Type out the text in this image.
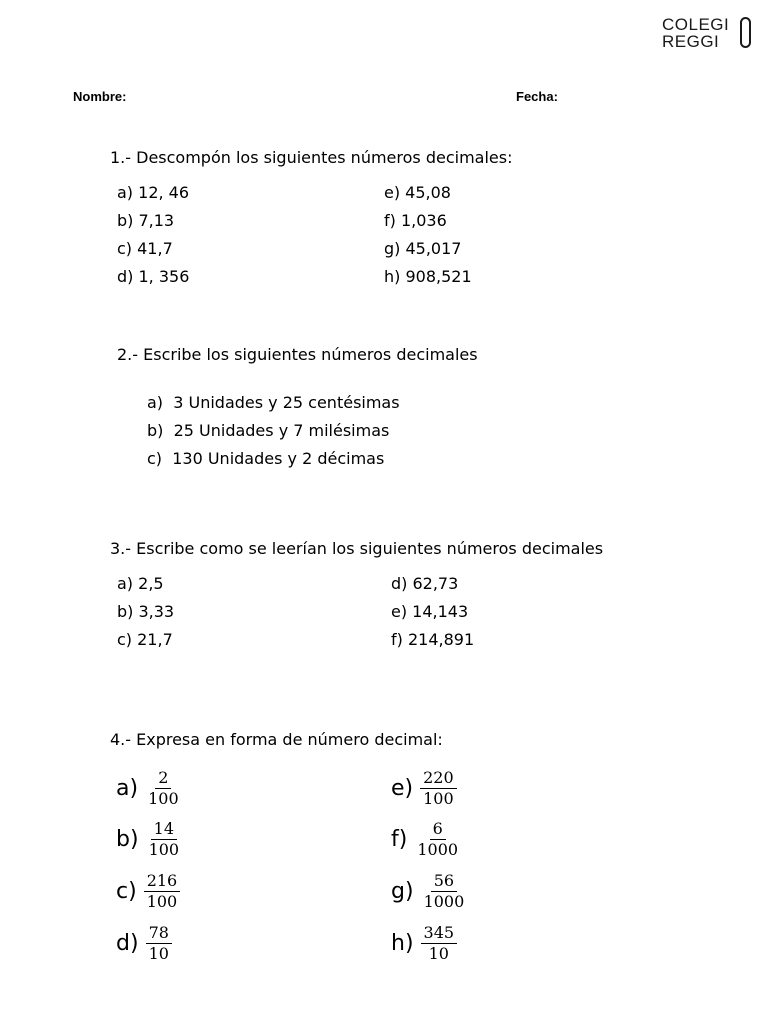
COLEGI
REGGI
Nombre:	Fecha:
1.- Descompón los siguientes números decimales:
a) 12, 46
b) 7,13
c) 41,7
d) 1, 356
e) 45,08
f) 1,036
g) 45,017
h) 908,521
2.- Escribe los siguientes números decimales
a)  3 Unidades y 25 centésimas
b)  25 Unidades y 7 milésimas
c)  130 Unidades y 2 décimas
3.- Escribe como se leerían los siguientes números decimales
a) 2,5
b) 3,33
c) 21,7
d) 62,73
e) 14,143
f) 214,891
4.- Expresa en forma de número decimal:
$a) \frac{2}{100}$
$b) \frac{14}{100}$
$c) \frac{216}{100}$
$d) \frac{78}{10}$
$e) \frac{220}{100}$
$f) \frac{6}{1000}$
$g) \frac{56}{1000}$
$h) \frac{345}{10}$
